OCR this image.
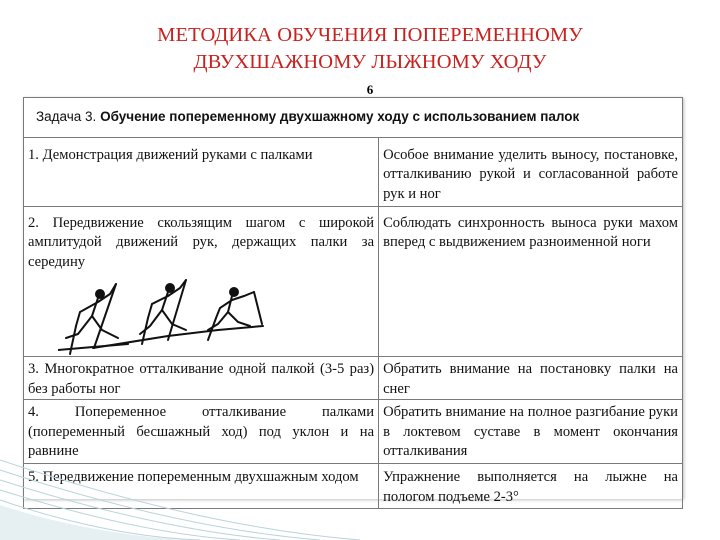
МЕТОДИКА ОБУЧЕНИЯ ПОПЕРЕМЕННОМУ
ДВУХШАЖНОМУ ЛЫЖНОМУ ХОДУ
6
Задача 3. Обучение попеременному двухшажному ходу с использованием палок	
1. Демонстрация движений руками с палками	Особое внимание уделить выносу, постановке, отталкиванию рукой и согласованной работе рук и ног
2. Передвижение скользящим шагом с широкой амплитудой движений рук, держащих палки за середину	Соблюдать синхронность выноса руки махом вперед с выдвижением разноименной ноги
3. Многократное отталкивание одной палкой (3-5 раз) без работы ног	Обратить внимание на постановку палки на снег
4. Попеременное отталкивание палками (попеременный бесшажный ход) под уклон и на равнине	Обратить внимание на полное разгибание руки в локтевом суставе в момент окончания отталкивания
5. Передвижение попеременным двухшажным ходом	Упражнение выполняется на лыжне на пологом подъеме 2-3°
